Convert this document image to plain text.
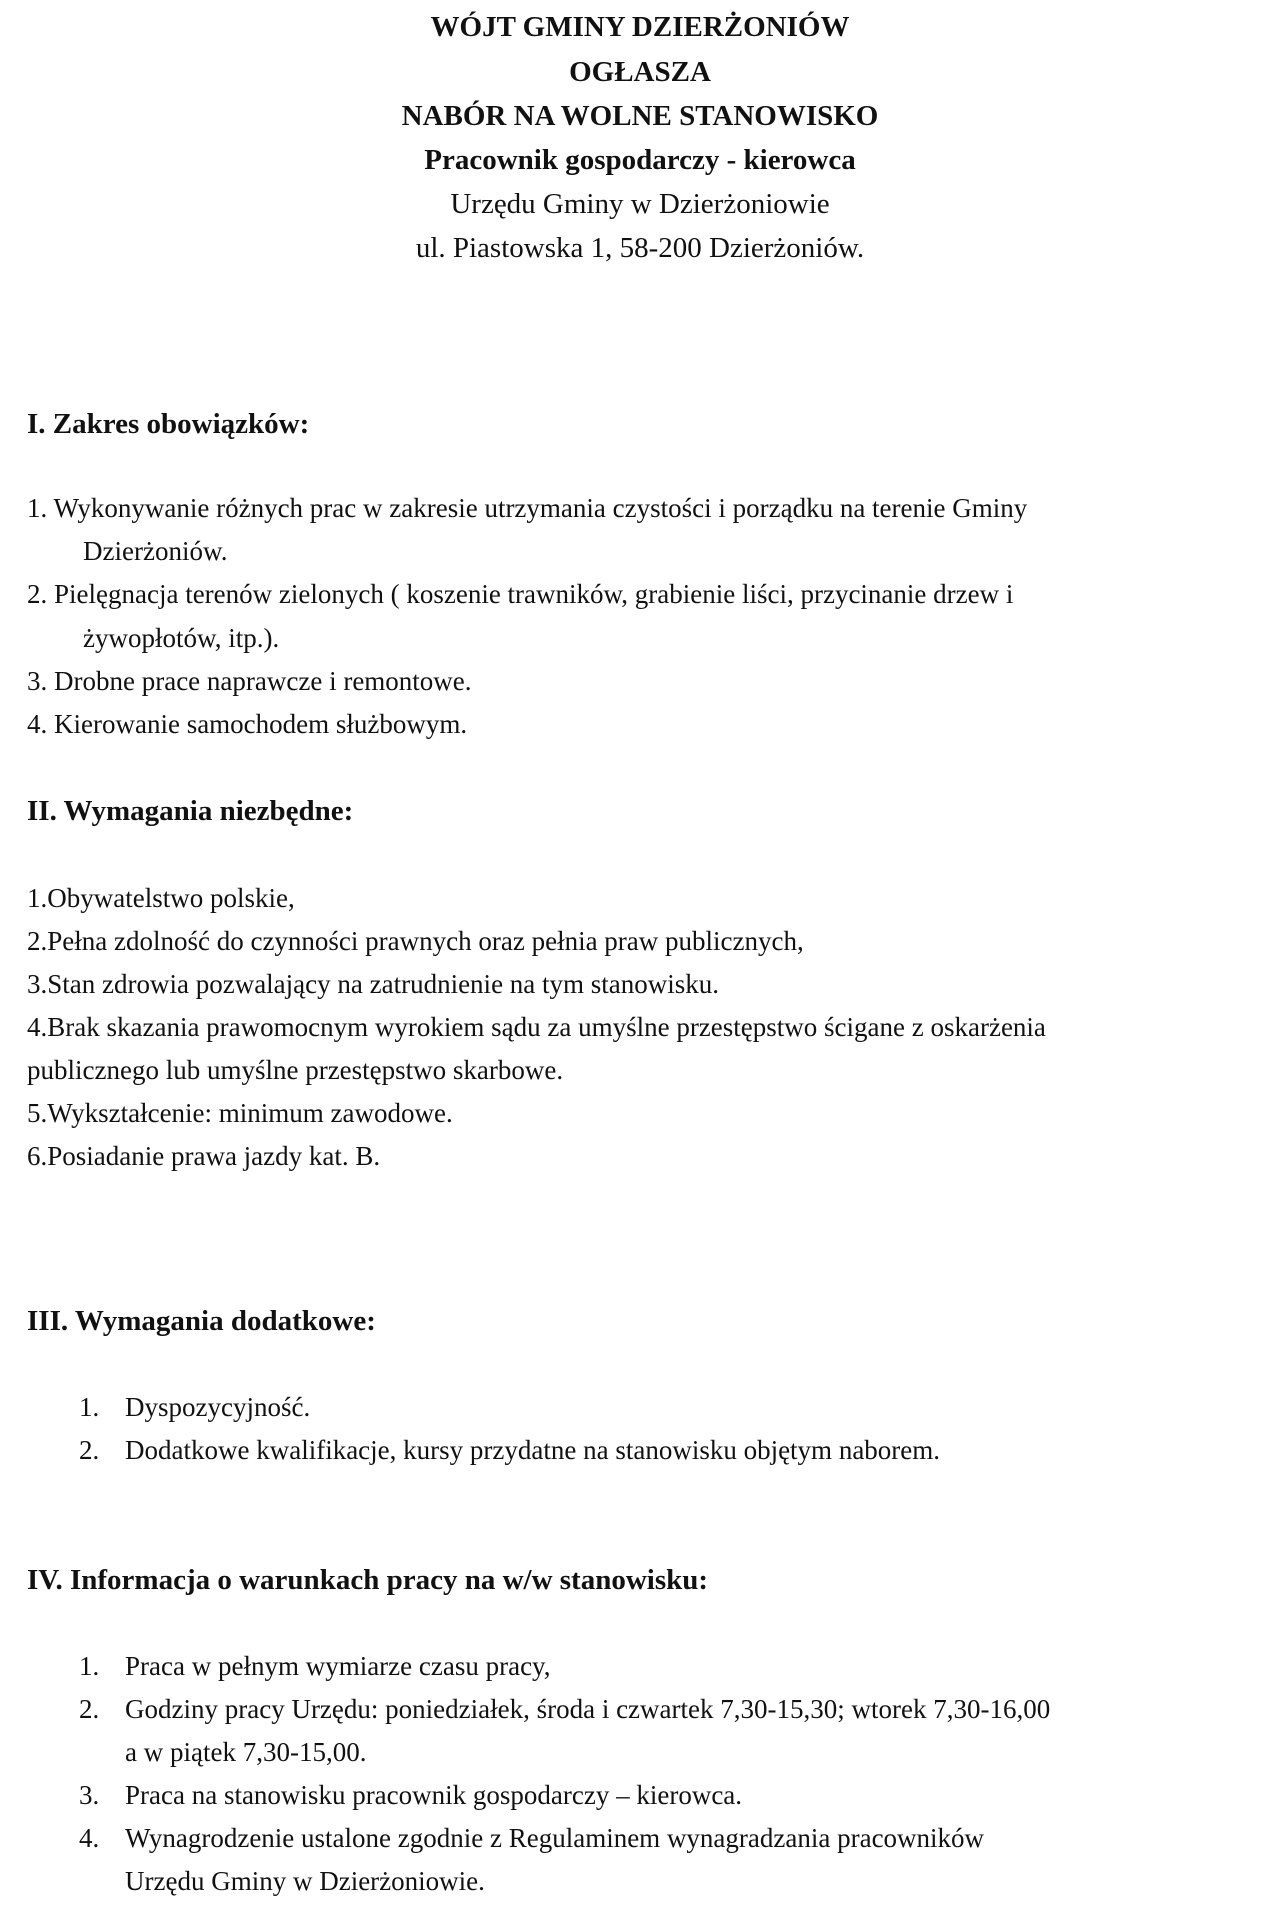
WÓJT GMINY DZIERŻONIÓW
OGŁASZA
NABÓR NA WOLNE STANOWISKO
Pracownik gospodarczy - kierowca
Urzędu Gminy w Dzierżoniowie
ul. Piastowska 1, 58-200 Dzierżoniów.
I. Zakres obowiązków:
1. Wykonywanie różnych prac w zakresie utrzymania czystości i porządku na terenie Gminy
Dzierżoniów.
2. Pielęgnacja terenów zielonych ( koszenie trawników, grabienie liści, przycinanie drzew i
żywopłotów, itp.).
3. Drobne prace naprawcze i remontowe.
4. Kierowanie samochodem służbowym.
II. Wymagania niezbędne:
1.Obywatelstwo polskie,
2.Pełna zdolność do czynności prawnych oraz pełnia praw publicznych,
3.Stan zdrowia pozwalający na zatrudnienie na tym stanowisku.
4.Brak skazania prawomocnym wyrokiem sądu za umyślne przestępstwo ścigane z oskarżenia
publicznego lub umyślne przestępstwo skarbowe.
5.Wykształcenie: minimum zawodowe.
6.Posiadanie prawa jazdy kat. B.
III. Wymagania dodatkowe:
1. Dyspozycyjność.
2. Dodatkowe kwalifikacje, kursy przydatne na stanowisku objętym naborem.
IV. Informacja o warunkach pracy na w/w stanowisku:
1. Praca w pełnym wymiarze czasu pracy,
2. Godziny pracy Urzędu: poniedziałek, środa i czwartek 7,30-15,30; wtorek 7,30-16,00
a w piątek 7,30-15,00.
3. Praca na stanowisku pracownik gospodarczy – kierowca.
4. Wynagrodzenie ustalone zgodnie z Regulaminem wynagradzania pracowników
Urzędu Gminy w Dzierżoniowie.
